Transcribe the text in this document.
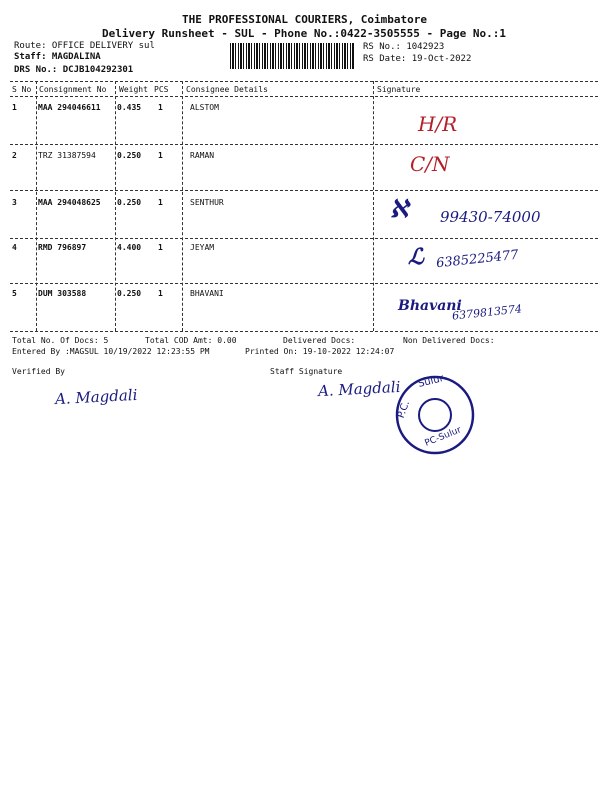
THE PROFESSIONAL COURIERS, Coimbatore
Delivery Runsheet - SUL - Phone No.:0422-3505555 - Page No.:1
Route: OFFICE DELIVERY sul
Staff: MAGDALINA
DRS No.: DCJB104292301
RS No.: 1042923
RS Date: 19-Oct-2022
S No Consignment No Weight PCS Consignee Details	Signature
1	MAA 294046611 0.435 1	ALSTOM
H/R
2	TRZ 31387594	0.250 1	RAMAN	C/N
3	MAA 294048625 0.250 1	SENTHUR	ℵ 99430-74000
4	RMD 796897	4.400 1	JEYAM	ℒ 6385225477
5	DUM 303588	0.250 1	BHAVANI
Bhavani
6379813574
Total No. Of Docs: 5	Total COD Amt: 0.00	Delivered Docs:	Non Delivered Docs:
Entered By :MAGSUL 10/19/2022 12:23:55 PM	Printed On: 19-10-2022 12:24:07
Verified By	Staff Signature
A. Magdali	A. Magdali Sulur
P.C.
PC-Sulur
